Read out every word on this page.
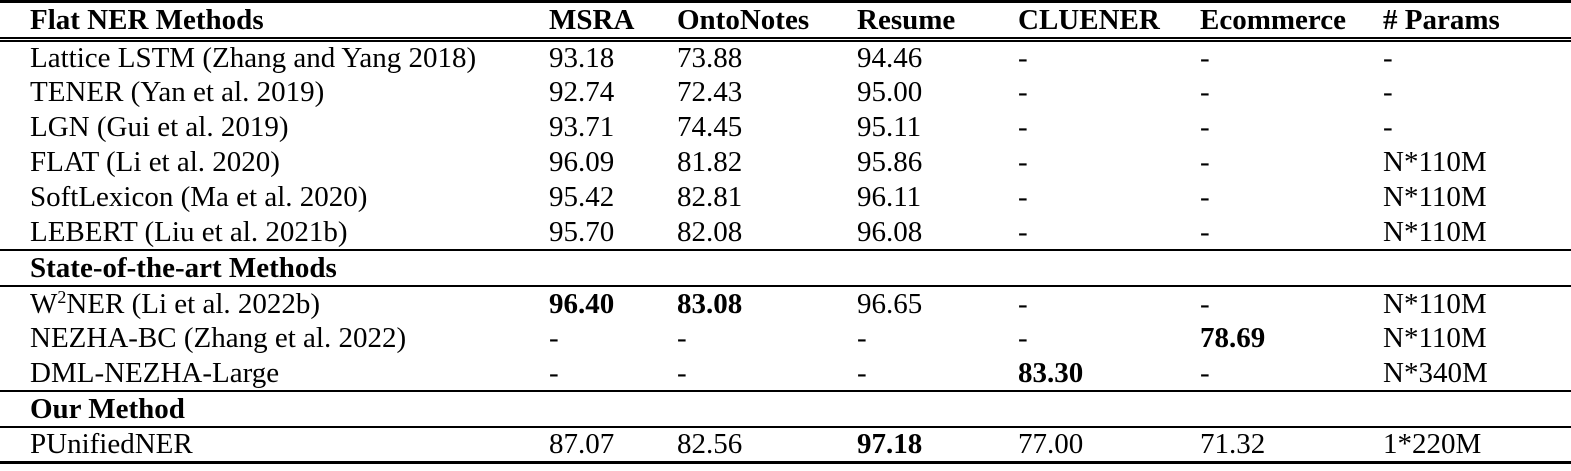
Flat NER Methods	MSRA	OntoNotes	Resume	CLUENER	Ecommerce	# Params
Lattice LSTM (Zhang and Yang 2018)	93.18	73.88	94.46	-	-	-
TENER (Yan et al. 2019)	92.74	72.43	95.00	-	-	-
LGN (Gui et al. 2019)	93.71	74.45	95.11	-	-	-
FLAT (Li et al. 2020)	96.09	81.82	95.86	-	-	N*110M
SoftLexicon (Ma et al. 2020)	95.42	82.81	96.11	-	-	N*110M
LEBERT (Liu et al. 2021b)	95.70	82.08	96.08	-	-	N*110M
State-of-the-art Methods						
$W^2NER$ (Li et al. 2022b)	96.40	83.08	96.65	-	-	N*110M
NEZHA-BC (Zhang et al. 2022)	-	-	-	-	78.69	N*110M
DML-NEZHA-Large	-	-	-	83.30	-	N*340M
Our Method						
PUnifiedNER	87.07	82.56	97.18	77.00	71.32	1*220M
